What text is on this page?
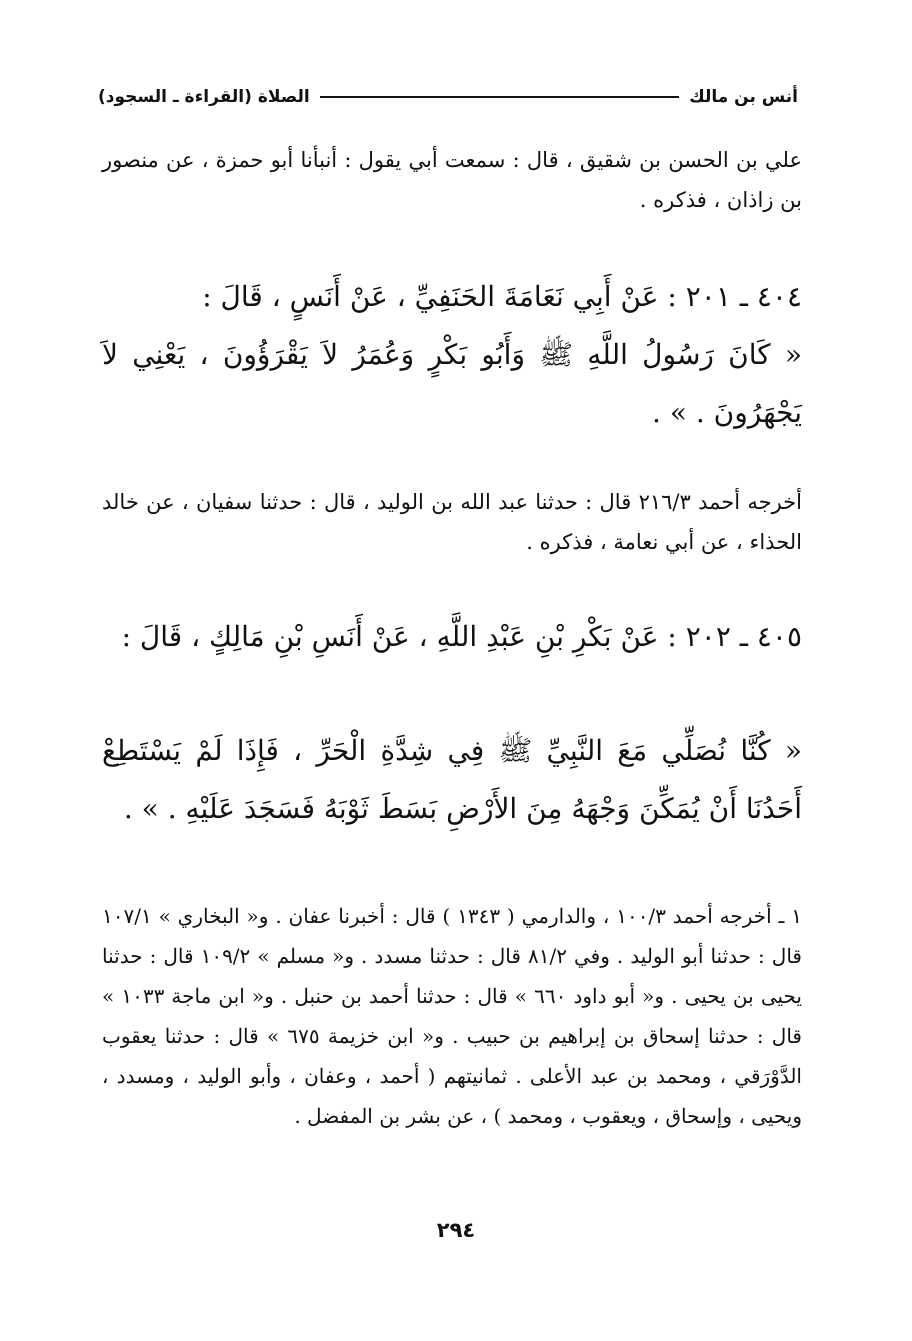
أنس بن مالك
الصلاة (القراءة ـ السجود)

علي بن الحسن بن شقيق ، قال : سمعت أبي يقول : أنبأنا أبو حمزة ، عن منصور بن زاذان ، فذكره .

٤٠٤ ـ ٢٠١ : عَنْ أَبِي نَعَامَةَ الحَنَفِيِّ ، عَنْ أَنَسٍ ، قَالَ :

« كَانَ رَسُولُ اللَّهِ ﷺ وَأَبُو بَكْرٍ وَعُمَرُ لاَ يَقْرَؤُونَ ، يَعْنِي لاَ يَجْهَرُونَ . » .

أخرجه أحمد ٢١٦/٣ قال : حدثنا عبد الله بن الوليد ، قال : حدثنا سفيان ، عن خالد الحذاء ، عن أبي نعامة ، فذكره .

٤٠٥ ـ ٢٠٢ : عَنْ بَكْرِ بْنِ عَبْدِ اللَّهِ ، عَنْ أَنَسِ بْنِ مَالِكٍ ، قَالَ :

« كُنَّا نُصَلِّي مَعَ النَّبِيِّ ﷺ فِي شِدَّةِ الْحَرِّ ، فَإِذَا لَمْ يَسْتَطِعْ أَحَدُنَا أَنْ يُمَكِّنَ وَجْهَهُ مِنَ الأَرْضِ بَسَطَ ثَوْبَهُ فَسَجَدَ عَلَيْهِ . » .

١ ـ أخرجه أحمد ١٠٠/٣ ، والدارمي ( ١٣٤٣ ) قال : أخبرنا عفان . و« البخاري » ١٠٧/١ قال : حدثنا أبو الوليد . وفي ٨١/٢ قال : حدثنا مسدد . و« مسلم » ١٠٩/٢ قال : حدثنا يحيى بن يحيى . و« أبو داود ٦٦٠ » قال : حدثنا أحمد بن حنبل . و« ابن ماجة ١٠٣٣ » قال : حدثنا إسحاق بن إبراهيم بن حبيب . و« ابن خزيمة ٦٧٥ » قال : حدثنا يعقوب الدَّوْرَقي ، ومحمد بن عبد الأعلى . ثمانيتهم ( أحمد ، وعفان ، وأبو الوليد ، ومسدد ، ويحيى ، وإسحاق ، ويعقوب ، ومحمد ) ، عن بشر بن المفضل .

٢٩٤
